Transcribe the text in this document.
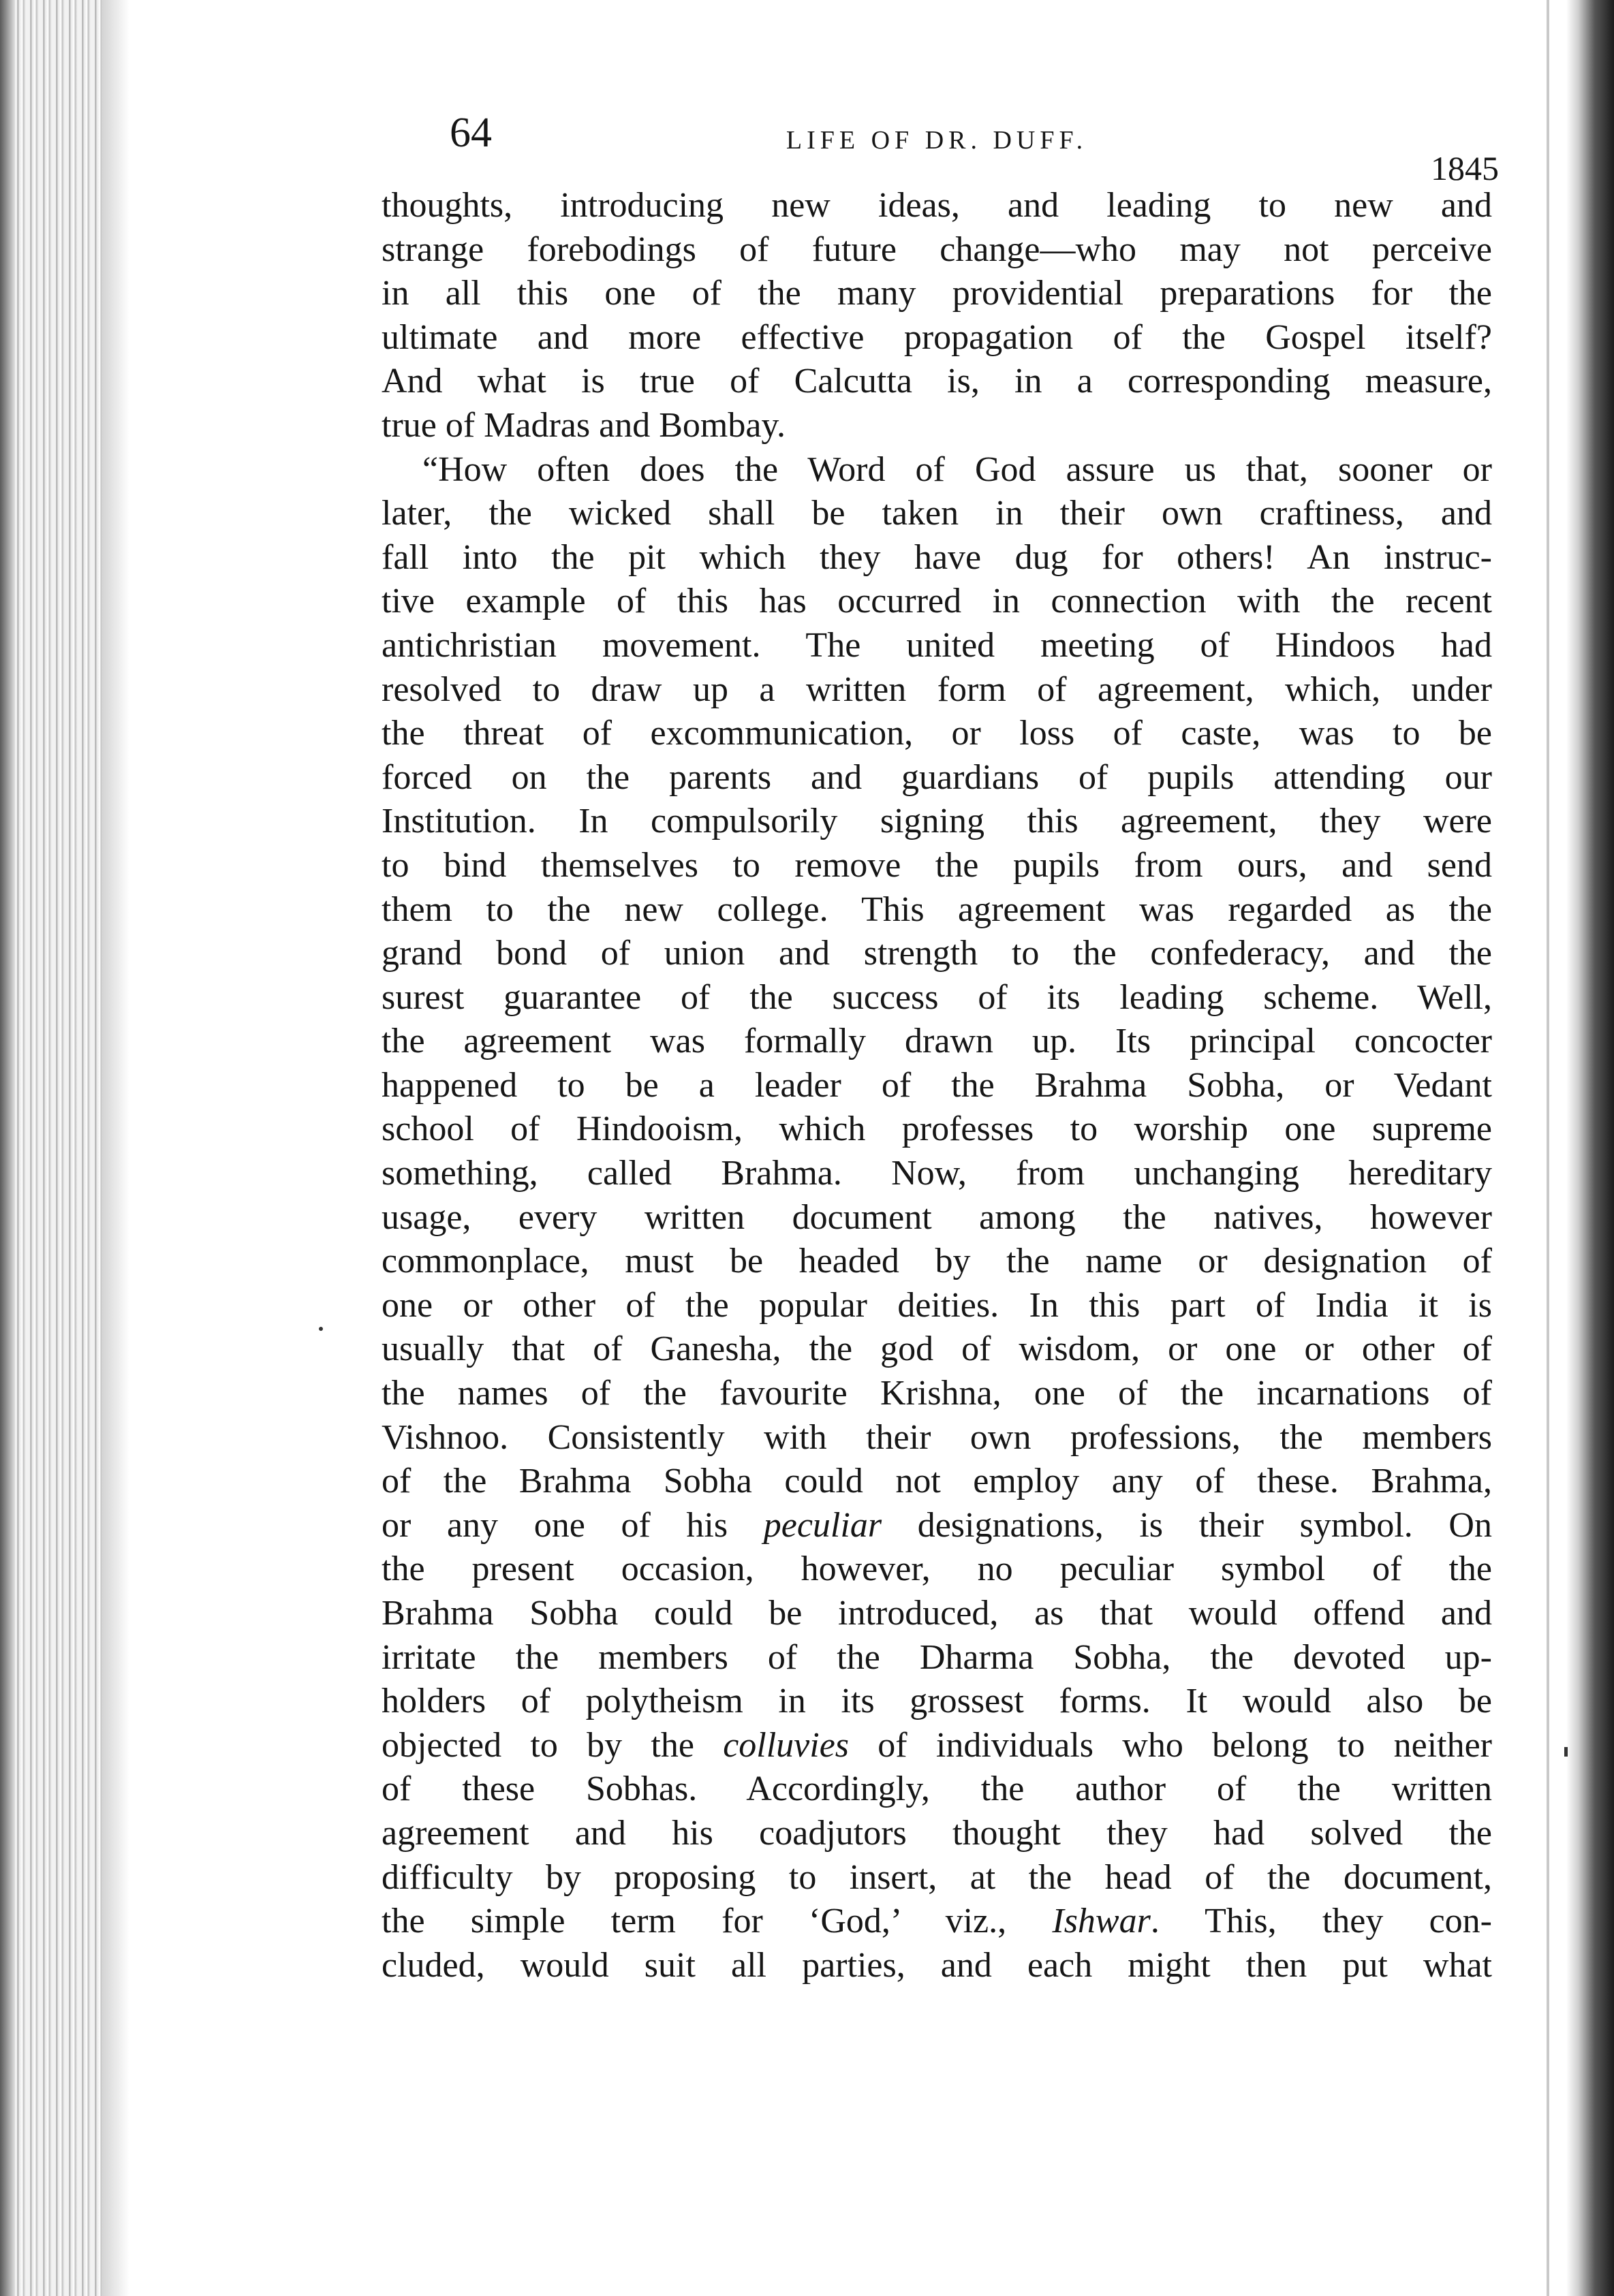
64	LIFE OF DR. DUFF.
1845
thoughts, introducing new ideas, and leading to new and
strange forebodings of future change—who may not perceive
in all this one of the many providential preparations for the
ultimate and more effective propagation of the Gospel itself?
And what is true of Calcutta is, in a corresponding measure,
true of Madras and Bombay.
“How often does the Word of God assure us that, sooner or
later, the wicked shall be taken in their own craftiness, and
fall into the pit which they have dug for others! An instruc-
tive example of this has occurred in connection with the recent
antichristian movement. The united meeting of Hindoos had
resolved to draw up a written form of agreement, which, under
the threat of excommunication, or loss of caste, was to be
forced on the parents and guardians of pupils attending our
Institution. In compulsorily signing this agreement, they were
to bind themselves to remove the pupils from ours, and send
them to the new college. This agreement was regarded as the
grand bond of union and strength to the confederacy, and the
surest guarantee of the success of its leading scheme. Well,
the agreement was formally drawn up. Its principal concocter
happened to be a leader of the Brahma Sobha, or Vedant
school of Hindooism, which professes to worship one supreme
something, called Brahma. Now, from unchanging hereditary
usage, every written document among the natives, however
commonplace, must be headed by the name or designation of
one or other of the popular deities. In this part of India it is
usually that of Ganesha, the god of wisdom, or one or other of
the names of the favourite Krishna, one of the incarnations of
Vishnoo. Consistently with their own professions, the members
of the Brahma Sobha could not employ any of these. Brahma,
or any one of his peculiar designations, is their symbol. On
the present occasion, however, no peculiar symbol of the
Brahma Sobha could be introduced, as that would offend and
irritate the members of the Dharma Sobha, the devoted up-
holders of polytheism in its grossest forms. It would also be
objected to by the colluvies of individuals who belong to neither
of these Sobhas. Accordingly, the author of the written
agreement and his coadjutors thought they had solved the
difficulty by proposing to insert, at the head of the document,
the simple term for ‘God,’ viz., Ishwar. This, they con-
cluded, would suit all parties, and each might then put what
